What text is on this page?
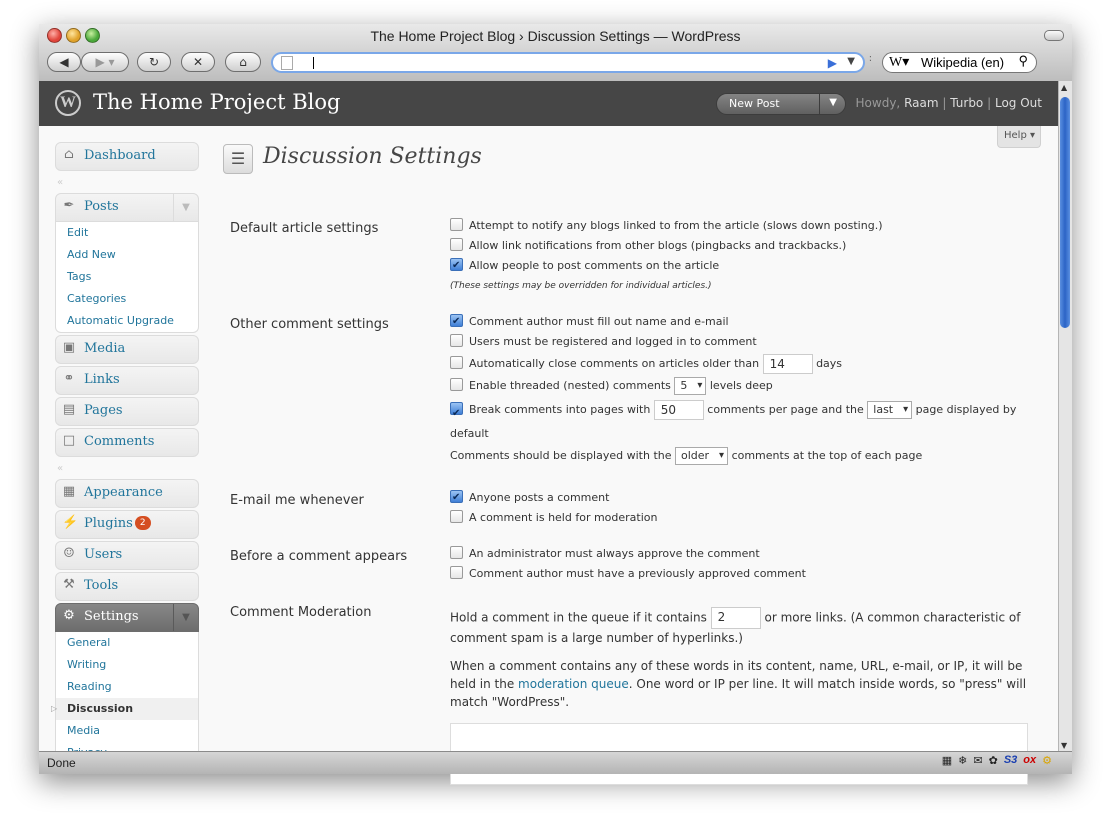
The Home Project Blog › Discussion Settings — WordPress
◀ ▶ ▾	↻	✕	⌂	▶ ▼ ∶ W▾ Wikipedia (en) ⚲
W The Home Project Blog	New Post	▼ Howdy, Raam | Turbo | Log Out
⌂ Dashboard
«
✒ Posts	▼
Edit
Add New
Tags
Categories
Automatic Upgrade
▣ Media
⚭ Links
▤ Pages
□ Comments
«
▦ Appearance
⚡ Plugins 2
☺ Users
⚒ Tools
⚙ Settings	▼
General
Writing
Reading
▷ Discussion
Media
Help ▾
☰ Discussion Settings
Default article settings	Attempt to notify any blogs linked to from the article (slows down posting.)
Allow link notifications from other blogs (pingbacks and trackbacks.)
✔Allow people to post comments on the article
(These settings may be overridden for individual articles.)
Other comment settings ✔	Comment author must fill out name and e-mail
Users must be registered and logged in to comment
Automatically close comments on articles older than 14	days
Enable threaded (nested) comments 5 ▾ levels deep
✔Break comments into pages with 50	comments per page and the last ▾ page displayed by
default
Comments should be displayed with the older ▾ comments at the top of each page
E-mail me whenever ✔	Anyone posts a comment
A comment is held for moderation
Before a comment appears	An administrator must always approve the comment
Comment author must have a previously approved comment
Comment Moderation	Hold a comment in the queue if it contains 2	or more links. (A common characteristic of comment spam is a large number of hyperlinks.)
When a comment contains any of these words in its content, name, URL, e-mail, or IP, it will be held in the moderation queue. One word or IP per line. It will match inside words, so "press" will match "WordPress".
▲
▼
Done	▦ ❄ ✉ ✿ S3 ox ⚙
